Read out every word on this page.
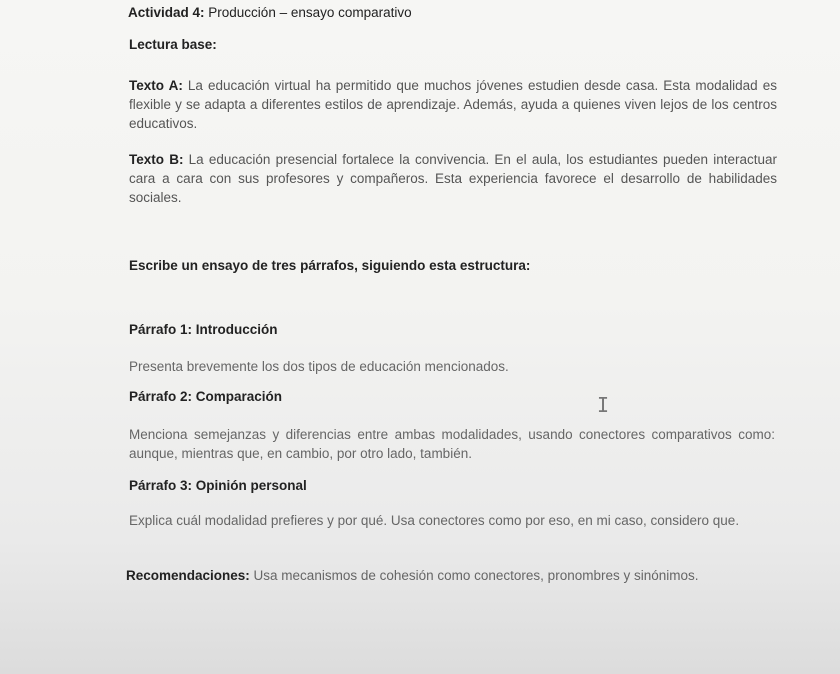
Actividad 4: Producción – ensayo comparativo
Lectura base:
Texto A: La educación virtual ha permitido que muchos jóvenes estudien desde casa. Esta modalidad es flexible y se adapta a diferentes estilos de aprendizaje. Además, ayuda a quienes viven lejos de los centros educativos.
Texto B: La educación presencial fortalece la convivencia. En el aula, los estudiantes pueden interactuar cara a cara con sus profesores y compañeros. Esta experiencia favorece el desarrollo de habilidades sociales.
Escribe un ensayo de tres párrafos, siguiendo esta estructura:
Párrafo 1: Introducción
Presenta brevemente los dos tipos de educación mencionados.
Párrafo 2: Comparación
Menciona semejanzas y diferencias entre ambas modalidades, usando conectores comparativos como: aunque, mientras que, en cambio, por otro lado, también.
Párrafo 3: Opinión personal
Explica cuál modalidad prefieres y por qué. Usa conectores como por eso, en mi caso, considero que.
Recomendaciones: Usa mecanismos de cohesión como conectores, pronombres y sinónimos.
I
